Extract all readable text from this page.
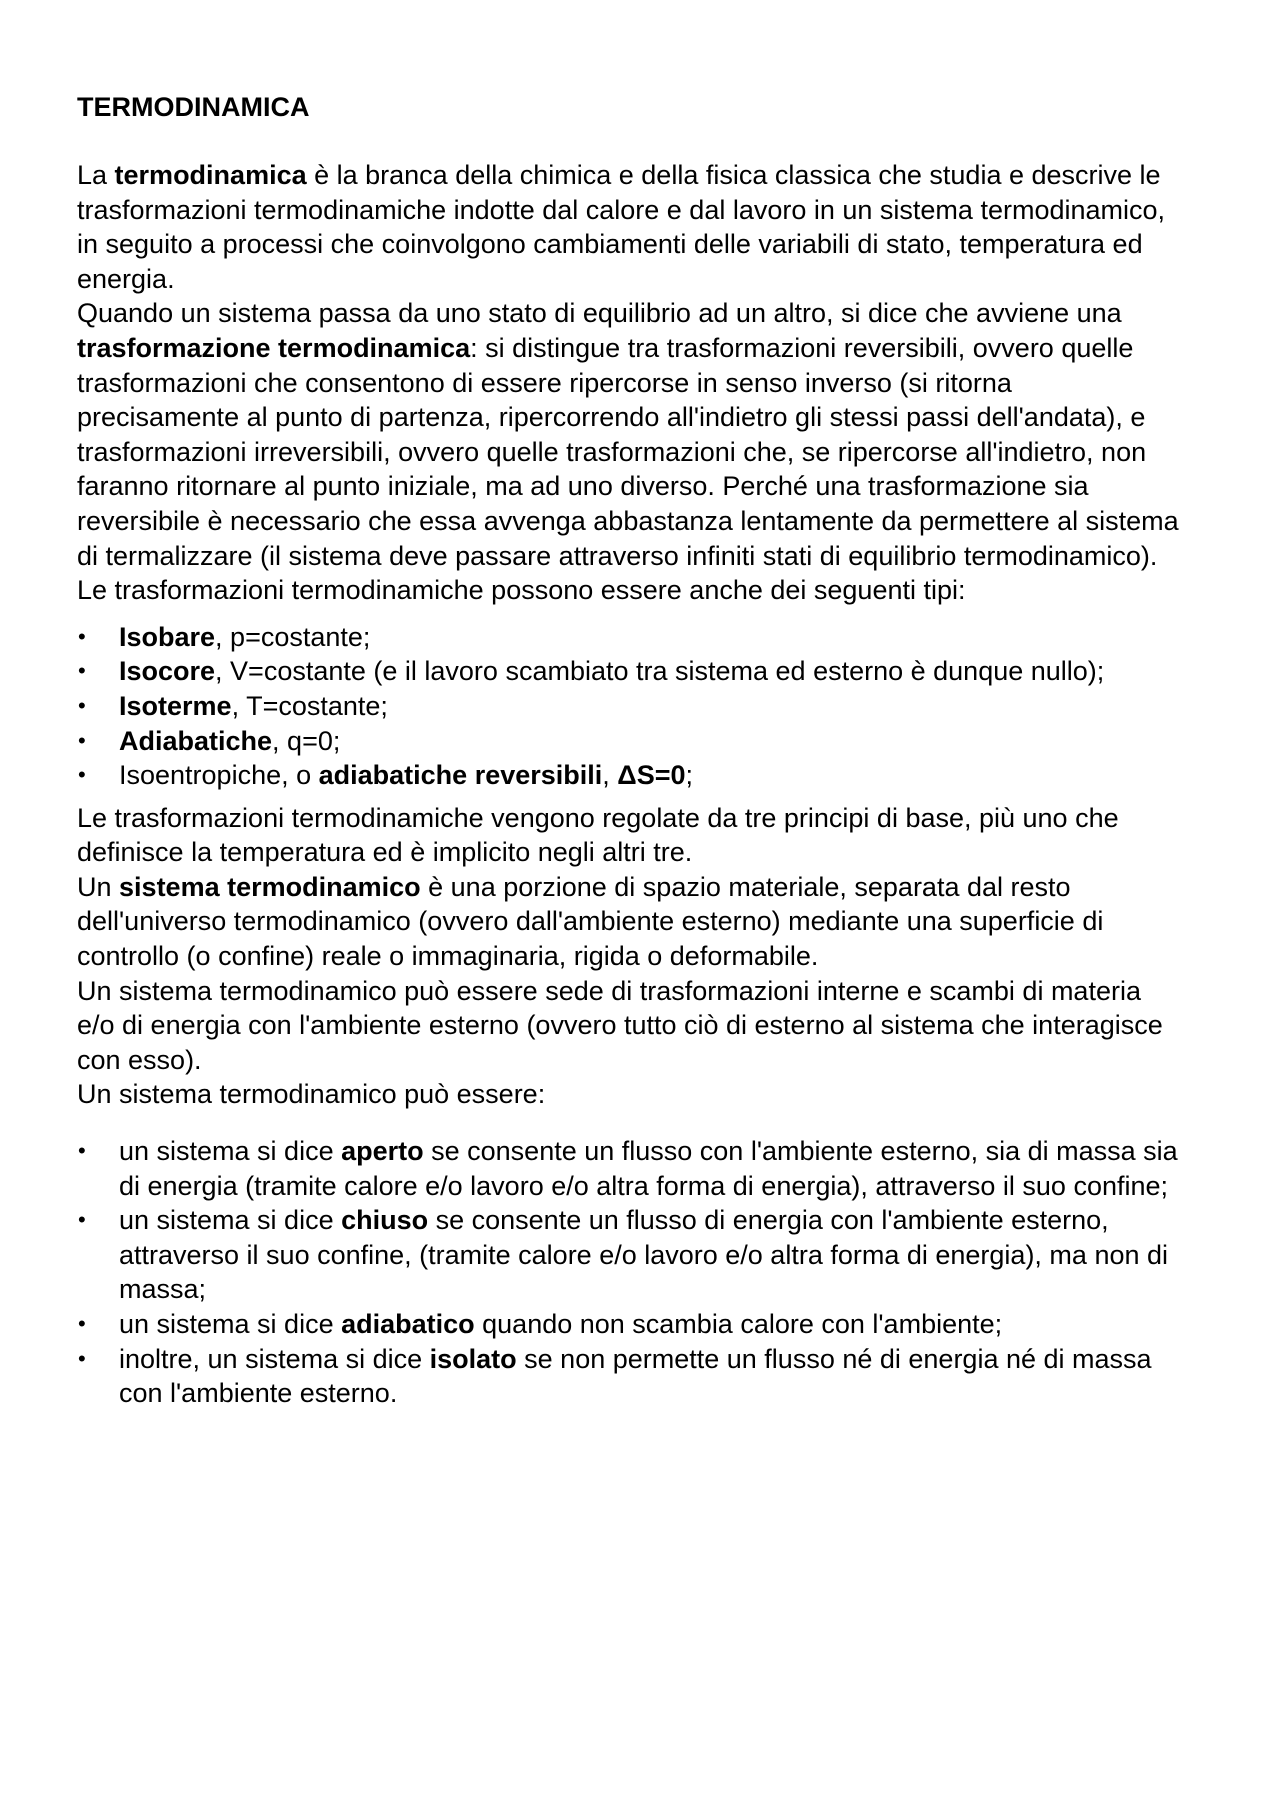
TERMODINAMICA

La termodinamica è la branca della chimica e della fisica classica che studia e descrive le trasformazioni termodinamiche indotte dal calore e dal lavoro in un sistema termodinamico, in seguito a processi che coinvolgono cambiamenti delle variabili di stato, temperatura ed energia.

Quando un sistema passa da uno stato di equilibrio ad un altro, si dice che avviene una trasformazione termodinamica: si distingue tra trasformazioni reversibili, ovvero quelle trasformazioni che consentono di essere ripercorse in senso inverso (si ritorna precisamente al punto di partenza, ripercorrendo all'indietro gli stessi passi dell'andata), e trasformazioni irreversibili, ovvero quelle trasformazioni che, se ripercorse all'indietro, non faranno ritornare al punto iniziale, ma ad uno diverso. Perché una trasformazione sia reversibile è necessario che essa avvenga abbastanza lentamente da permettere al sistema di termalizzare (il sistema deve passare attraverso infiniti stati di equilibrio termodinamico). Le trasformazioni termodinamiche possono essere anche dei seguenti tipi:

• Isobare, p=costante;
• Isocore, V=costante (e il lavoro scambiato tra sistema ed esterno è dunque nullo);
• Isoterme, T=costante;
• Adiabatiche, q=0;
• Isoentropiche, o adiabatiche reversibili, ΔS=0;

Le trasformazioni termodinamiche vengono regolate da tre principi di base, più uno che definisce la temperatura ed è implicito negli altri tre.

Un sistema termodinamico è una porzione di spazio materiale, separata dal resto dell'universo termodinamico (ovvero dall'ambiente esterno) mediante una superficie di controllo (o confine) reale o immaginaria, rigida o deformabile.

Un sistema termodinamico può essere sede di trasformazioni interne e scambi di materia e/o di energia con l'ambiente esterno (ovvero tutto ciò di esterno al sistema che interagisce con esso).

Un sistema termodinamico può essere:

• un sistema si dice aperto se consente un flusso con l'ambiente esterno, sia di massa sia di energia (tramite calore e/o lavoro e/o altra forma di energia), attraverso il suo confine;
• un sistema si dice chiuso se consente un flusso di energia con l'ambiente esterno, attraverso il suo confine, (tramite calore e/o lavoro e/o altra forma di energia), ma non di massa;
• un sistema si dice adiabatico quando non scambia calore con l'ambiente;
• inoltre, un sistema si dice isolato se non permette un flusso né di energia né di massa con l'ambiente esterno.
